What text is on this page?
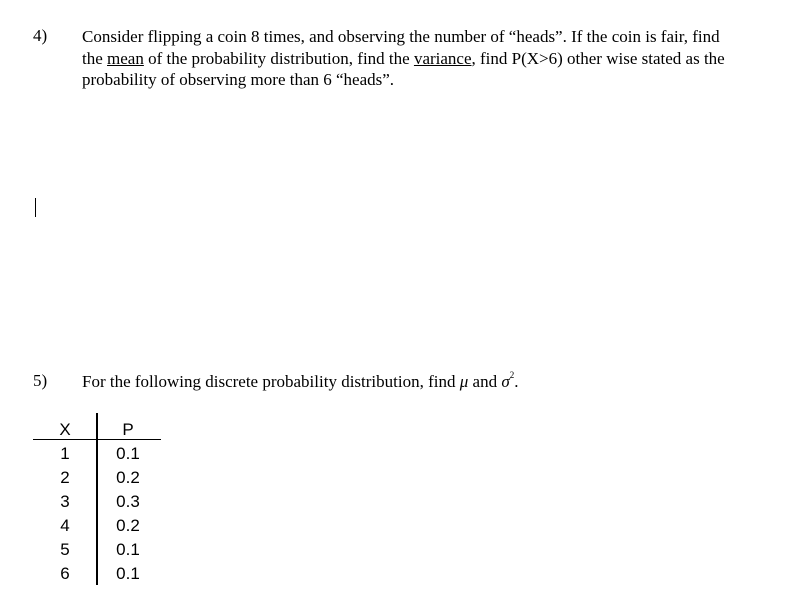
4) Consider flipping a coin 8 times, and observing the number of “heads”. If the coin is fair, find the mean of the probability distribution, find the variance, find P(X>6) other wise stated as the probability of observing more than 6 “heads”.
5) For the following discrete probability distribution, find μ and $\sigma^2$.
X	P
1
2
3
4
5
6
0.1
0.2
0.3
0.2
0.1
0.1
